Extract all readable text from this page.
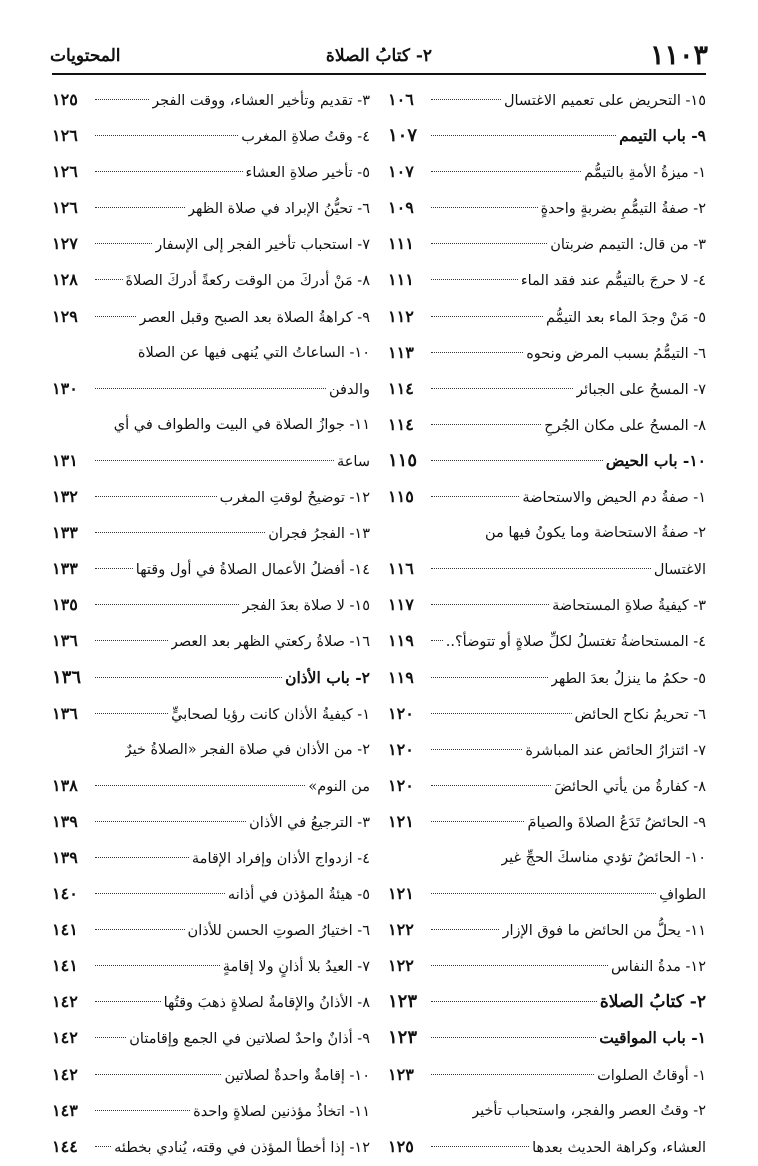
١١٠٣
٢- كتابُ الصلاة
المحتويات
١٥- التحريض على تعميم الاغتسال
١٠٦
٩- باب التيمم
١٠٧
١- ميزةُ الأمةِ بالتيمُّم
١٠٧
٢- صفةُ التيمُّمِ بضربةٍ واحدةٍ
١٠٩
٣- من قال: التيمم ضربتان
١١١
٤- لا حرجَ بالتيمُّم عند فقد الماء
١١١
٥- مَنْ وجدَ الماء بعد التيمُّم
١١٢
٦- التيمُّمُ بسبب المرض ونحوه
١١٣
٧- المسحُ على الجبائر
١١٤
٨- المسحُ على مكان الجُرحِ
١١٤
١٠- باب الحيض
١١٥
١- صفةُ دم الحيض والاستحاضة
١١٥
٢- صفةُ الاستحاضة وما يكونُ فيها من
الاغتسال
١١٦
٣- كيفيةُ صلاةِ المستحاضة
١١٧
٤- المستحاضةُ تغتسلُ لكلِّ صلاةٍ أو تتوضأ؟..
١١٩
٥- حكمُ ما ينزلُ بعدَ الطهر
١١٩
٦- تحريمُ نكاح الحائض
١٢٠
٧- ائتزارُ الحائض عند المباشرة
١٢٠
٨- كفارةُ من يأتي الحائضَ
١٢٠
٩- الحائضُ تَدَعُ الصلاةَ والصيامَ
١٢١
١٠- الحائضُ تؤدي مناسكَ الحجِّ غير
الطوافِ
١٢١
١١- يحلُّ من الحائض ما فوق الإزار
١٢٢
١٢- مدةُ النفاس
١٢٢
٢- كتابُ الصلاة
١٢٣
١- باب المواقيت
١٢٣
١- أوقاتُ الصلوات
١٢٣
٢- وقتُ العصر والفجر، واستحباب تأخير
العشاء، وكراهة الحديث بعدها
١٢٥
٣- تقديم وتأخير العشاء، ووقت الفجر
١٢٥
٤- وقتُ صلاةِ المغرب
١٢٦
٥- تأخير صلاةِ العشاء
١٢٦
٦- تحيُّنُ الإبراد في صلاة الظهر
١٢٦
٧- استحباب تأخير الفجر إلى الإسفار
١٢٧
٨- مَنْ أدركَ من الوقت ركعةً أدركَ الصلاةَ
١٢٨
٩- كراهةُ الصلاة بعد الصبح وقبل العصر
١٢٩
١٠- الساعاتُ التي يُنهى فيها عن الصلاة
والدفن
١٣٠
١١- جوازُ الصلاة في البيت والطواف في أي
ساعة
١٣١
١٢- توضيحُ لوقتِ المغرب
١٣٢
١٣- الفجرُ فجران
١٣٣
١٤- أفضلُ الأعمال الصلاةُ في أول وقتها
١٣٣
١٥- لا صلاة بعدَ الفجر
١٣٥
١٦- صلاةُ ركعتي الظهر بعد العصر
١٣٦
٢- باب الأذان
١٣٦
١- كيفيةُ الأذان كانت رؤيا لصحابيٍّ
١٣٦
٢- من الأذان في صلاة الفجر «الصلاةُ خيرٌ
من النوم»
١٣٨
٣- الترجيعُ في الأذان
١٣٩
٤- ازدواج الأذان وإفراد الإقامة
١٣٩
٥- هيئةُ المؤذن في أذانه
١٤٠
٦- اختيارُ الصوتِ الحسن للأذان
١٤١
٧- العيدُ بلا أذانٍ ولا إقامةٍ
١٤١
٨- الأذانُ والإقامةُ لصلاةٍ ذهبَ وقتُها
١٤٢
٩- أذانٌ واحدٌ لصلاتين في الجمع وإقامتان
١٤٢
١٠- إقامةٌ واحدةٌ لصلاتين
١٤٢
١١- اتخاذُ مؤذنين لصلاةٍ واحدة
١٤٣
١٢- إذا أخطأ المؤذن في وقته، يُنادي بخطئه
١٤٤
